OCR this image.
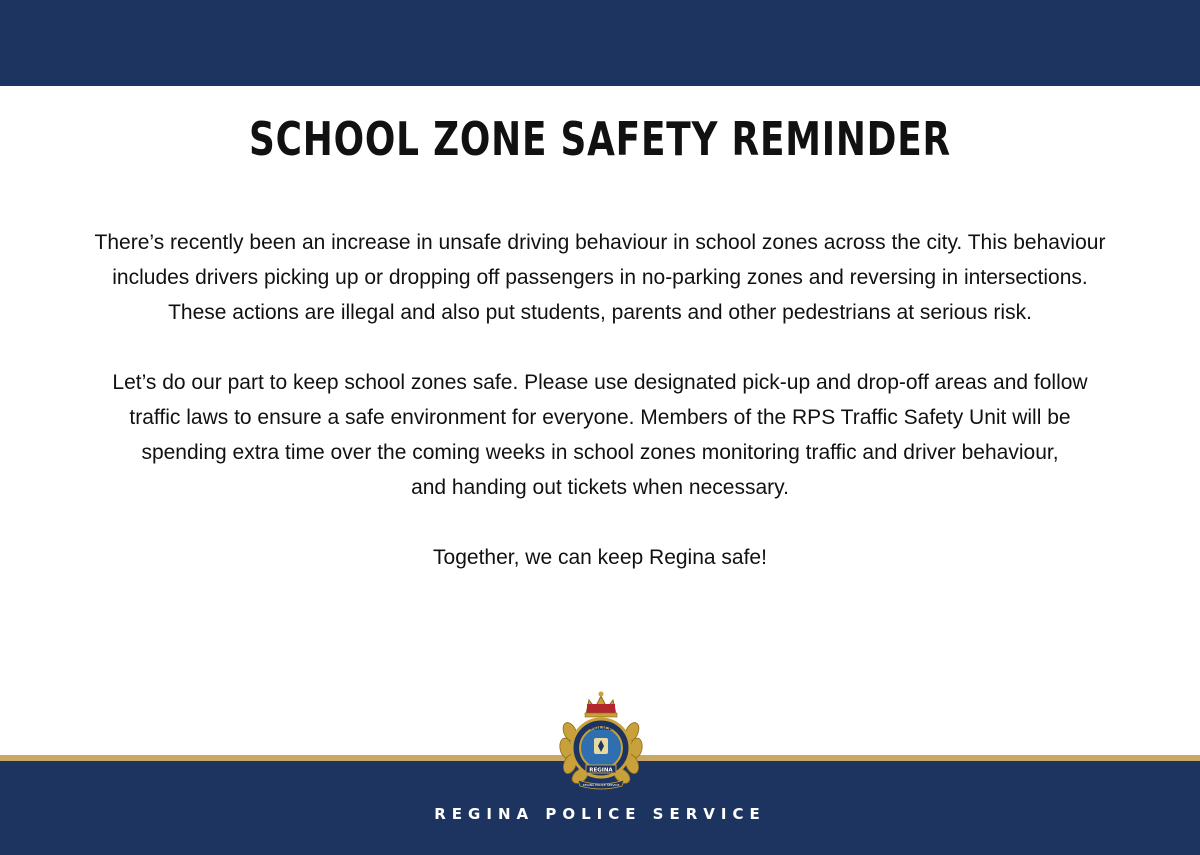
SCHOOL ZONE SAFETY REMINDER

There’s recently been an increase in unsafe driving behaviour in school zones across the city. This behaviour
includes drivers picking up or dropping off passengers in no-parking zones and reversing in intersections.
These actions are illegal and also put students, parents and other pedestrians at serious risk.

Let’s do our part to keep school zones safe. Please use designated pick-up and drop-off areas and follow
traffic laws to ensure a safe environment for everyone. Members of the RPS Traffic Safety Unit will be
spending extra time over the coming weeks in school zones monitoring traffic and driver behaviour,
and handing out tickets when necessary.

Together, we can keep Regina safe!

POLICE
REGINA
REGINA POLICE SERVICE
REGINA POLICE SERVICE
